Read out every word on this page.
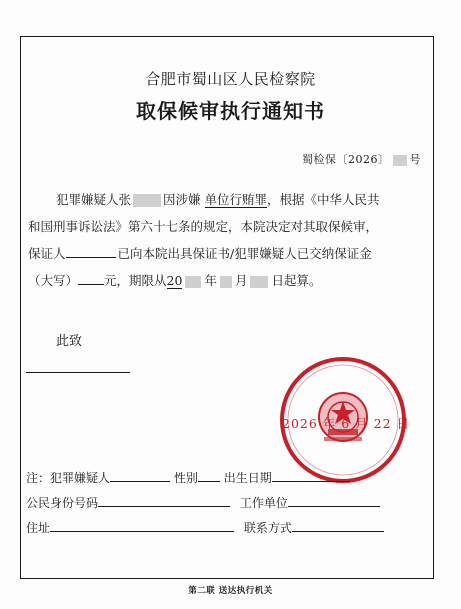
合肥市蜀山区人民检察院
取保候审执行通知书
蜀检保〔2026〕 号
犯罪嫌疑人张	因涉嫌 单位行贿罪，根据《中华人民共
和国刑事诉讼法》第六十七条的规定，本院决定对其取保候审，
保证人	已向本院出具保证书/犯罪嫌疑人已交纳保证金
（大写） 元，期限从20 年 月 日起算。
此致
2026 年 6 月 22 日
注：犯罪嫌疑人	性别 出生日期
公民身份号码	工作单位
住址	联系方式
第二联 送达执行机关
